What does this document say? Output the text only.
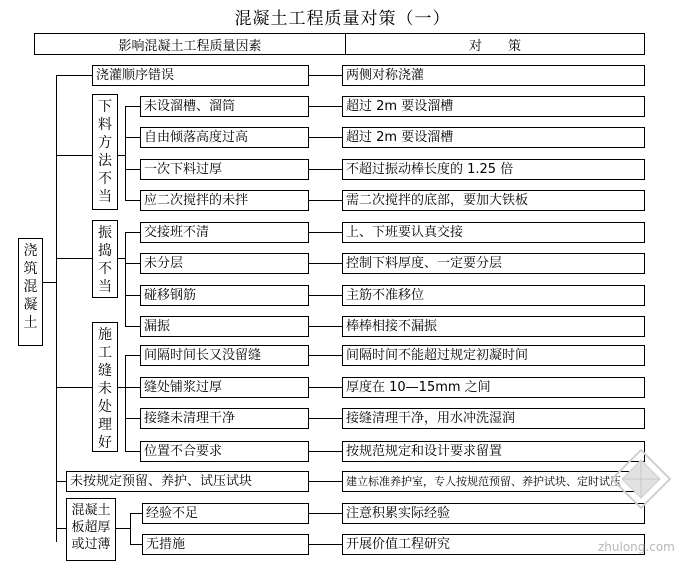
混凝土工程质量对策（一）
影响混凝土工程质量因素	对　　策
浇
筑
混
凝
土
下
料
方
法
不
当
振
捣
不
当
施
工
缝
未
处
理
好
混凝土
板超厚
或过薄
浇灌顺序错误
未设溜槽、溜筒
自由倾落高度过高
一次下料过厚
应二次搅拌的未拌
交接班不清
未分层
碰移钢筋
漏振
间隔时间长又没留缝
缝处铺浆过厚
接缝未清理干净
位置不合要求
未按规定预留、养护、试压试块
经验不足
无措施
两侧对称浇灌
超过 2m 要设溜槽
超过 2m 要设溜槽
不超过振动棒长度的 1.25 倍
需二次搅拌的底部，要加大铁板
上、下班要认真交接
控制下料厚度、一定要分层
主筋不准移位
棒棒相接不漏振
间隔时间不能超过规定初凝时间
厚度在 10—15mm 之间
接缝清理干净，用水冲洗湿润
按规范规定和设计要求留置
建立标准养护室，专人按规范预留、养护试块、定时试压
注意积累实际经验
开展价值工程研究	zhulong.com
